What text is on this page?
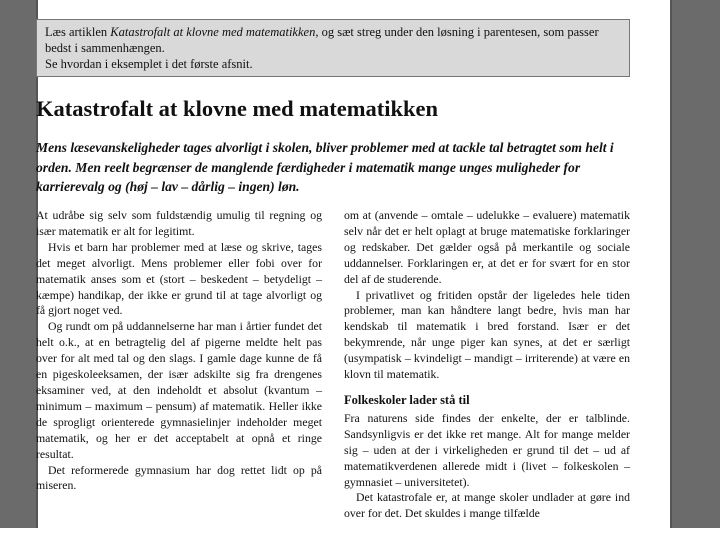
Læs artiklen Katastrofalt at klovne med matematikken, og sæt streg under den løsning i parentesen, som passer bedst i sammenhængen.

Se hvordan i eksemplet i det første afsnit.

Katastrofalt at klovne med matematikken

Mens læsevanskeligheder tages alvorligt i skolen, bliver problemer med at tackle tal betragtet som helt i orden. Men reelt begrænser de manglende færdigheder i matematik mange unges muligheder for karrierevalg og (høj – lav – dårlig – ingen) løn.

At udråbe sig selv som fuldstændig umulig til regning og især matematik er alt for legitimt.

Hvis et barn har problemer med at læse og skrive, tages det meget alvorligt. Mens problemer eller fobi over for matematik anses som et (stort – beskedent – betydeligt – kæmpe) handikap, der ikke er grund til at tage alvorligt og få gjort noget ved.

Og rundt om på uddannelserne har man i årtier fundet det helt o.k., at en betragtelig del af pigerne meldte helt pas over for alt med tal og den slags. I gamle dage kunne de få en pigeskoleeksamen, der især adskilte sig fra drengenes eksaminer ved, at den indeholdt et absolut (kvantum – minimum – maximum – pensum) af matematik. Heller ikke de sprogligt orienterede gymnasielinjer indeholder meget matematik, og her er det acceptabelt at opnå et ringe resultat.

Det reformerede gymnasium har dog rettet lidt op på miseren.

om at (anvende – omtale – udelukke – evaluere) matematik selv når det er helt oplagt at bruge matematiske forklaringer og redskaber. Det gælder også på merkantile og sociale uddannelser. Forklaringen er, at det er for svært for en stor del af de studerende.

I privatlivet og fritiden opstår der ligeledes hele tiden problemer, man kan håndtere langt bedre, hvis man har kendskab til matematik i bred forstand. Især er det bekymrende, når unge piger kan synes, at det er særligt (usympatisk – kvindeligt – mandigt – irriterende) at være en klovn til matematik.

Folkeskoler lader stå til

Fra naturens side findes der enkelte, der er talblinde. Sandsynligvis er det ikke ret mange. Alt for mange melder sig – uden at der i virkeligheden er grund til det – ud af matematikverdenen allerede midt i (livet – folkeskolen – gymnasiet – universitetet).

Det katastrofale er, at mange skoler undlader at gøre ind over for det. Det skuldes i mange tilfælde
